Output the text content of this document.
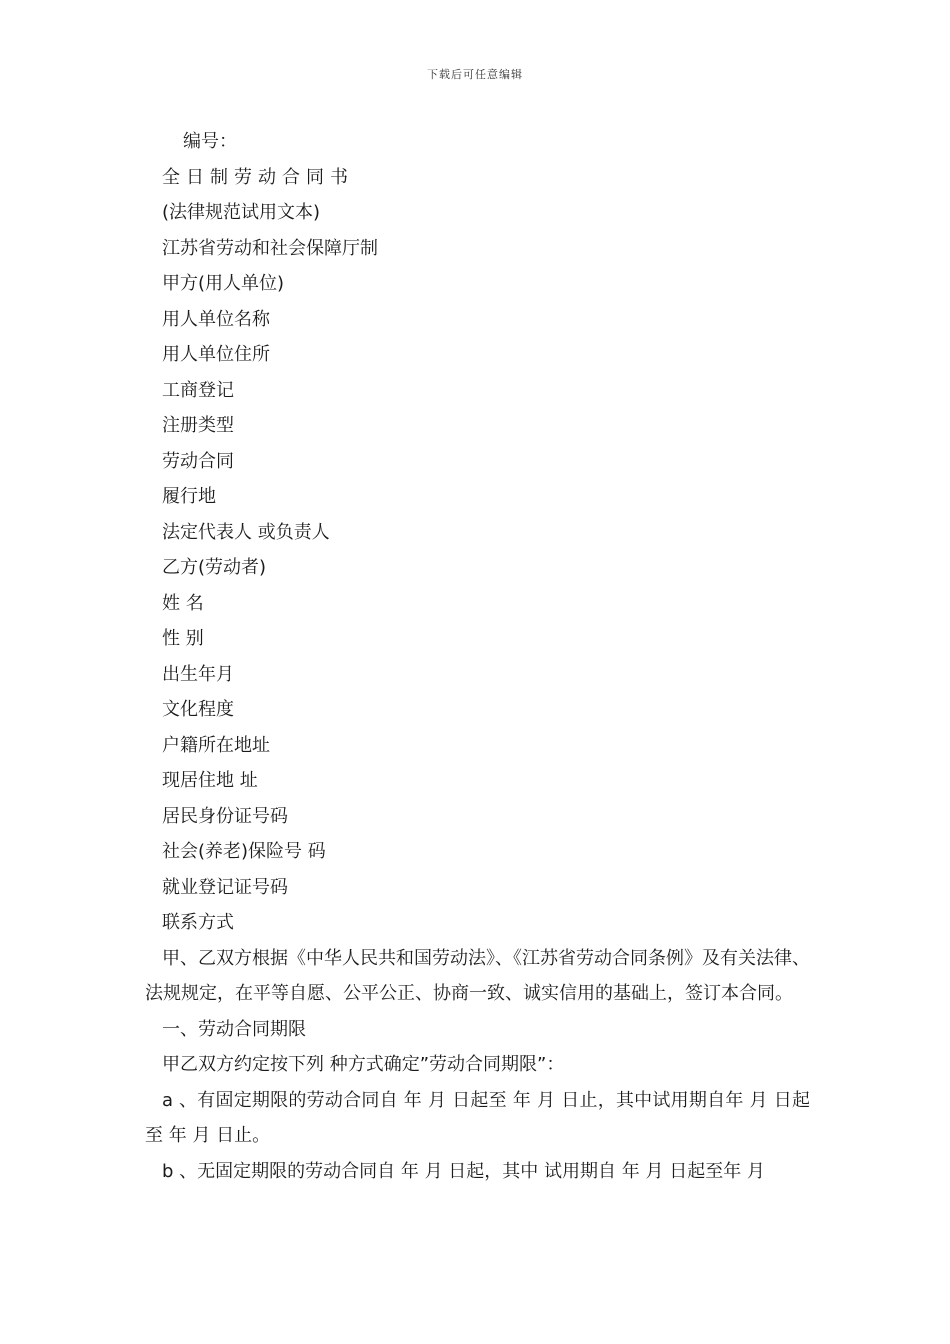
下载后可任意编辑

编号：

全日制劳动合同书

(法律规范试用文本)

江苏省劳动和社会保障厅制

甲方(用人单位)

用人单位名称

用人单位住所

工商登记

注册类型

劳动合同

履行地

法定代表人 或负责人

乙方(劳动者)

姓 名

性 别

出生年月

文化程度

户籍所在地址

现居住地 址

居民身份证号码

社会(养老)保险号 码

就业登记证号码

联系方式

甲、乙双方根据《中华人民共和国劳动法》、《江苏省劳动合同条例》及有关法律、法规规定，在平等自愿、公平公正、协商一致、诚实信用的基础上，签订本合同。

一、劳动合同期限

甲乙双方约定按下列 种方式确定”劳动合同期限”：

a 、有固定期限的劳动合同自 年 月 日起至 年 月 日止，其中试用期自年 月 日起至 年 月 日止。

b 、无固定期限的劳动合同自 年 月 日起，其中 试用期自 年 月 日起至年 月
